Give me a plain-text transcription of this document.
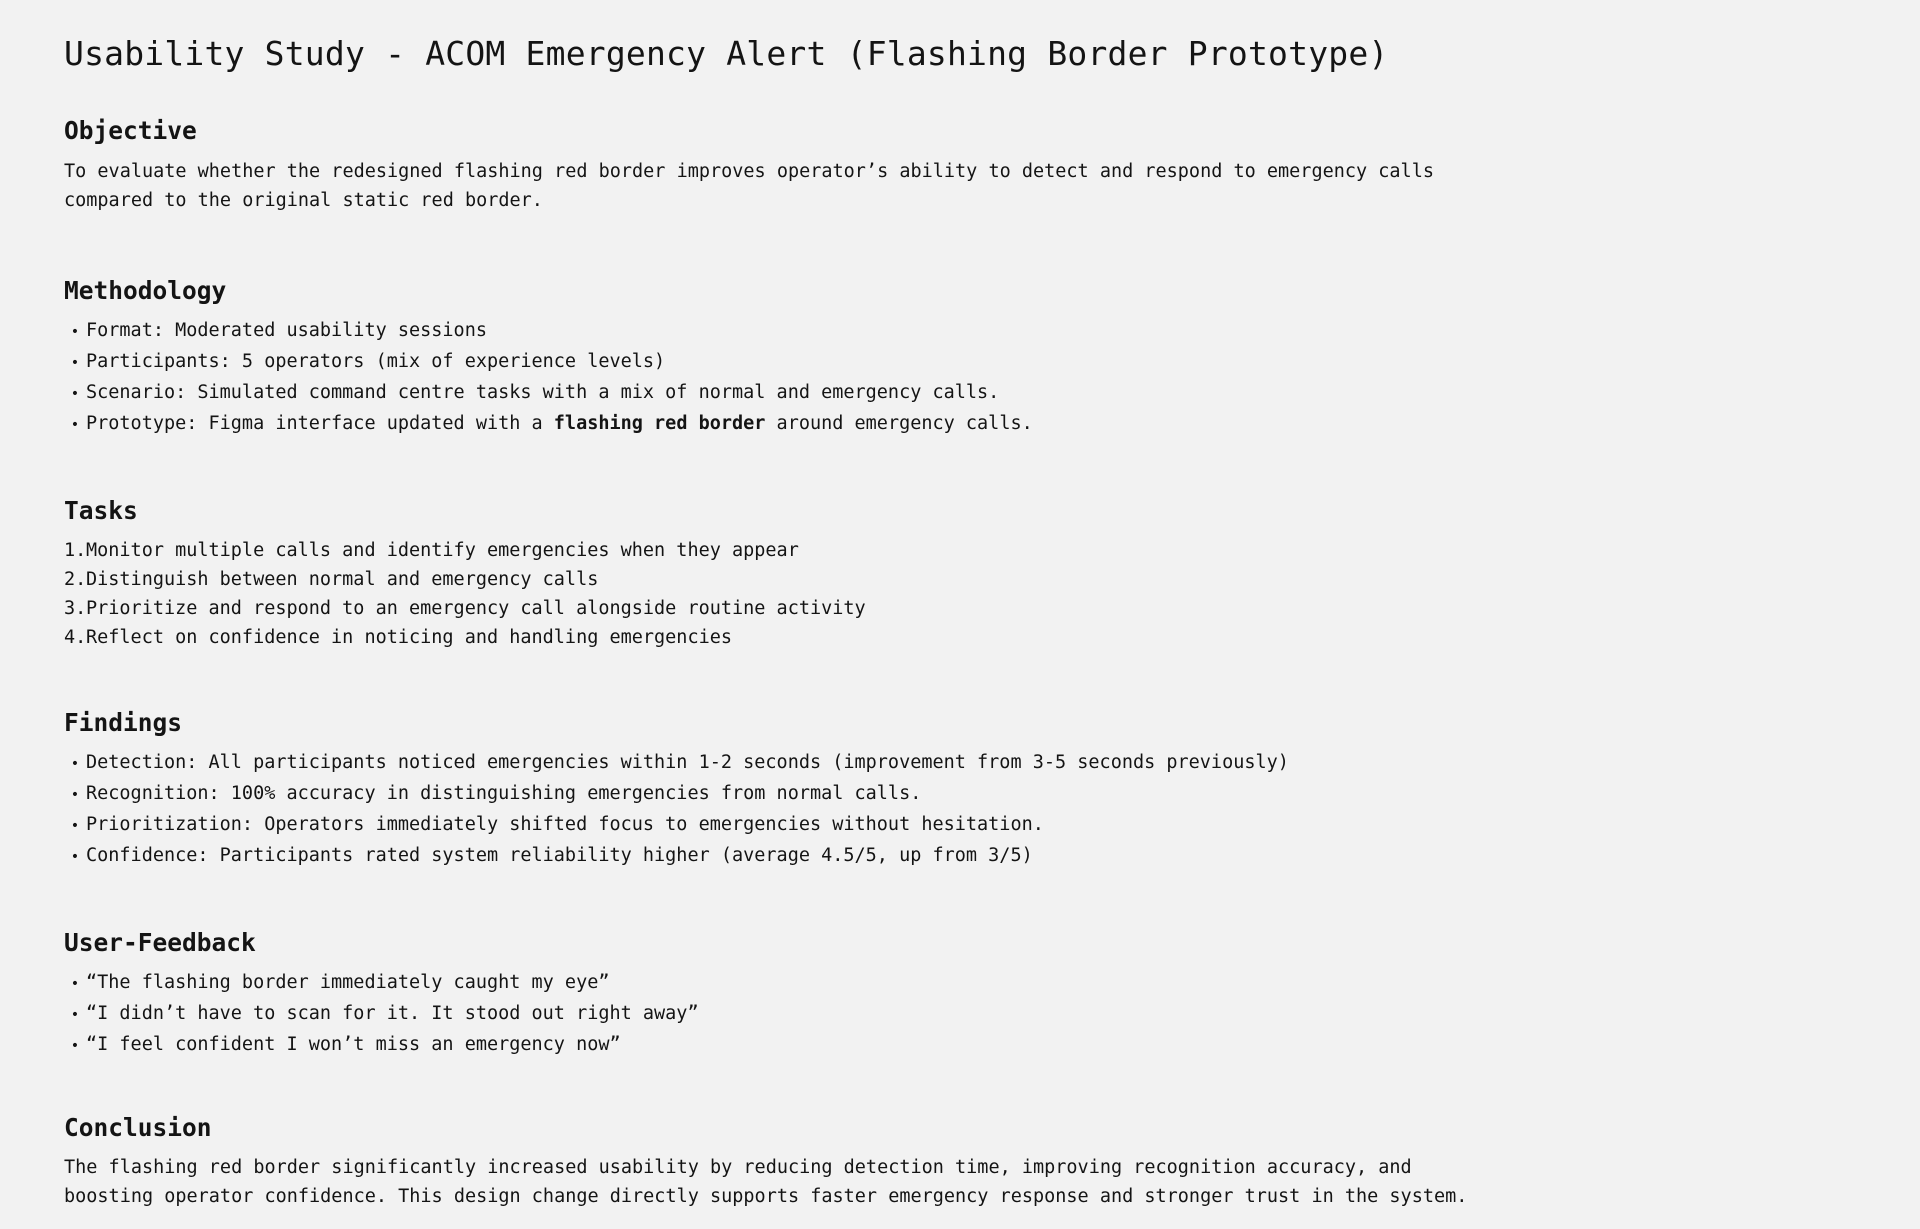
Usability Study - ACOM Emergency Alert (Flashing Border Prototype)
Objective

To evaluate whether the redesigned flashing red border improves operator’s ability to detect and respond to emergency calls compared to the original static red border.

Methodology
• Format: Moderated usability sessions
• Participants: 5 operators (mix of experience levels)
• Scenario: Simulated command centre tasks with a mix of normal and emergency calls.
• Prototype: Figma interface updated with a flashing red border around emergency calls.
Tasks
1. Monitor multiple calls and identify emergencies when they appear
2. Distinguish between normal and emergency calls
3. Prioritize and respond to an emergency call alongside routine activity
4. Reflect on confidence in noticing and handling emergencies
Findings
• Detection: All participants noticed emergencies within 1-2 seconds (improvement from 3-5 seconds previously)
• Recognition: 100% accuracy in distinguishing emergencies from normal calls.
• Prioritization: Operators immediately shifted focus to emergencies without hesitation.
• Confidence: Participants rated system reliability higher (average 4.5/5, up from 3/5)
User-Feedback
• “The flashing border immediately caught my eye”
• “I didn’t have to scan for it. It stood out right away”
• “I feel confident I won’t miss an emergency now”
Conclusion

The flashing red border significantly increased usability by reducing detection time, improving recognition accuracy, and boosting operator confidence. This design change directly supports faster emergency response and stronger trust in the system.
